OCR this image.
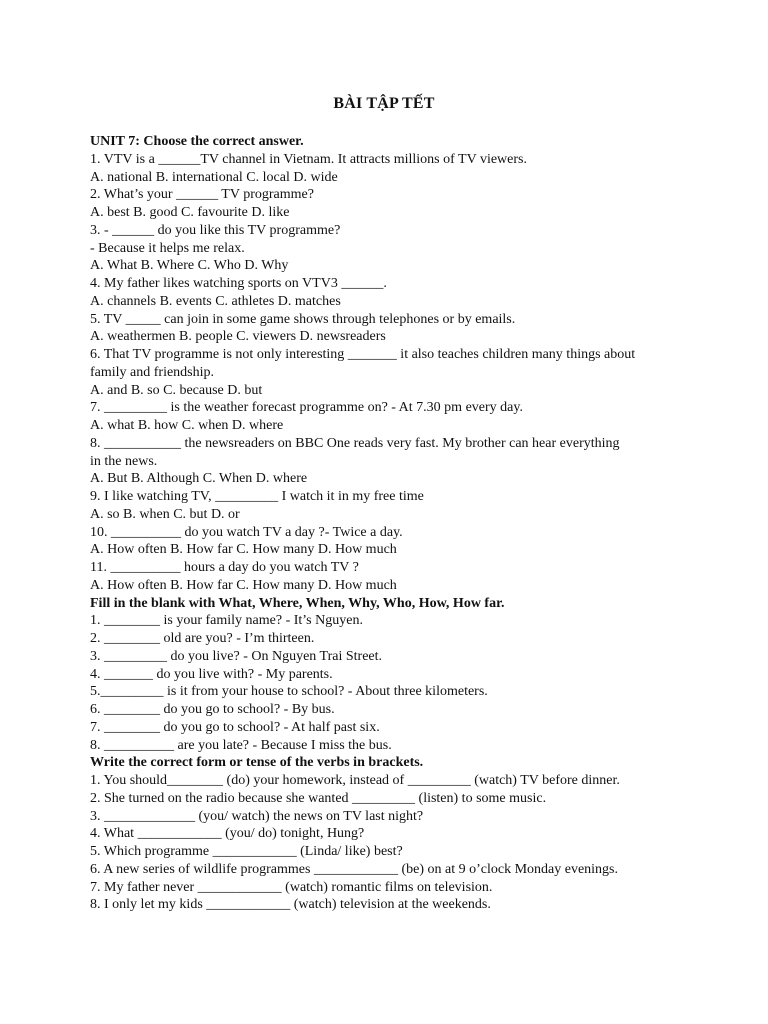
BÀI TẬP TẾT
UNIT 7: Choose the correct answer.
1. VTV is a ______TV channel in Vietnam. It attracts millions of TV viewers.
A. national B. international C. local D. wide
2. What’s your ______ TV programme?
A. best B. good C. favourite D. like
3. - ______ do you like this TV programme?
- Because it helps me relax.
A. What B. Where C. Who D. Why
4. My father likes watching sports on VTV3 ______.
A. channels B. events C. athletes D. matches
5. TV _____ can join in some game shows through telephones or by emails.
A. weathermen B. people C. viewers D. newsreaders
6. That TV programme is not only interesting _______ it also teaches children many things about
family and friendship.
A. and B. so C. because D. but
7. _________ is the weather forecast programme on? - At 7.30 pm every day.
A. what B. how C. when D. where
8. ___________ the newsreaders on BBC One reads very fast. My brother can hear everything
in the news.
A. But B. Although C. When D. where
9. I like watching TV, _________ I watch it in my free time
A. so B. when C. but D. or
10. __________ do you watch TV a day ?- Twice a day.
A. How often B. How far C. How many D. How much
11. __________ hours a day do you watch TV ?
A. How often B. How far C. How many D. How much
Fill in the blank with What, Where, When, Why, Who, How, How far.
1. ________ is your family name? - It’s Nguyen.
2. ________ old are you? - I’m thirteen.
3. _________ do you live? - On Nguyen Trai Street.
4. _______ do you live with? - My parents.
5._________ is it from your house to school? - About three kilometers.
6. ________ do you go to school? - By bus.
7. ________ do you go to school? - At half past six.
8. __________ are you late? - Because I miss the bus.
Write the correct form or tense of the verbs in brackets.
1. You should________ (do) your homework, instead of _________ (watch) TV before dinner.
2. She turned on the radio because she wanted _________ (listen) to some music.
3. _____________ (you/ watch) the news on TV last night?
4. What ____________ (you/ do) tonight, Hung?
5. Which programme ____________ (Linda/ like) best?
6. A new series of wildlife programmes ____________ (be) on at 9 o’clock Monday evenings.
7. My father never ____________ (watch) romantic films on television.
8. I only let my kids ____________ (watch) television at the weekends.
